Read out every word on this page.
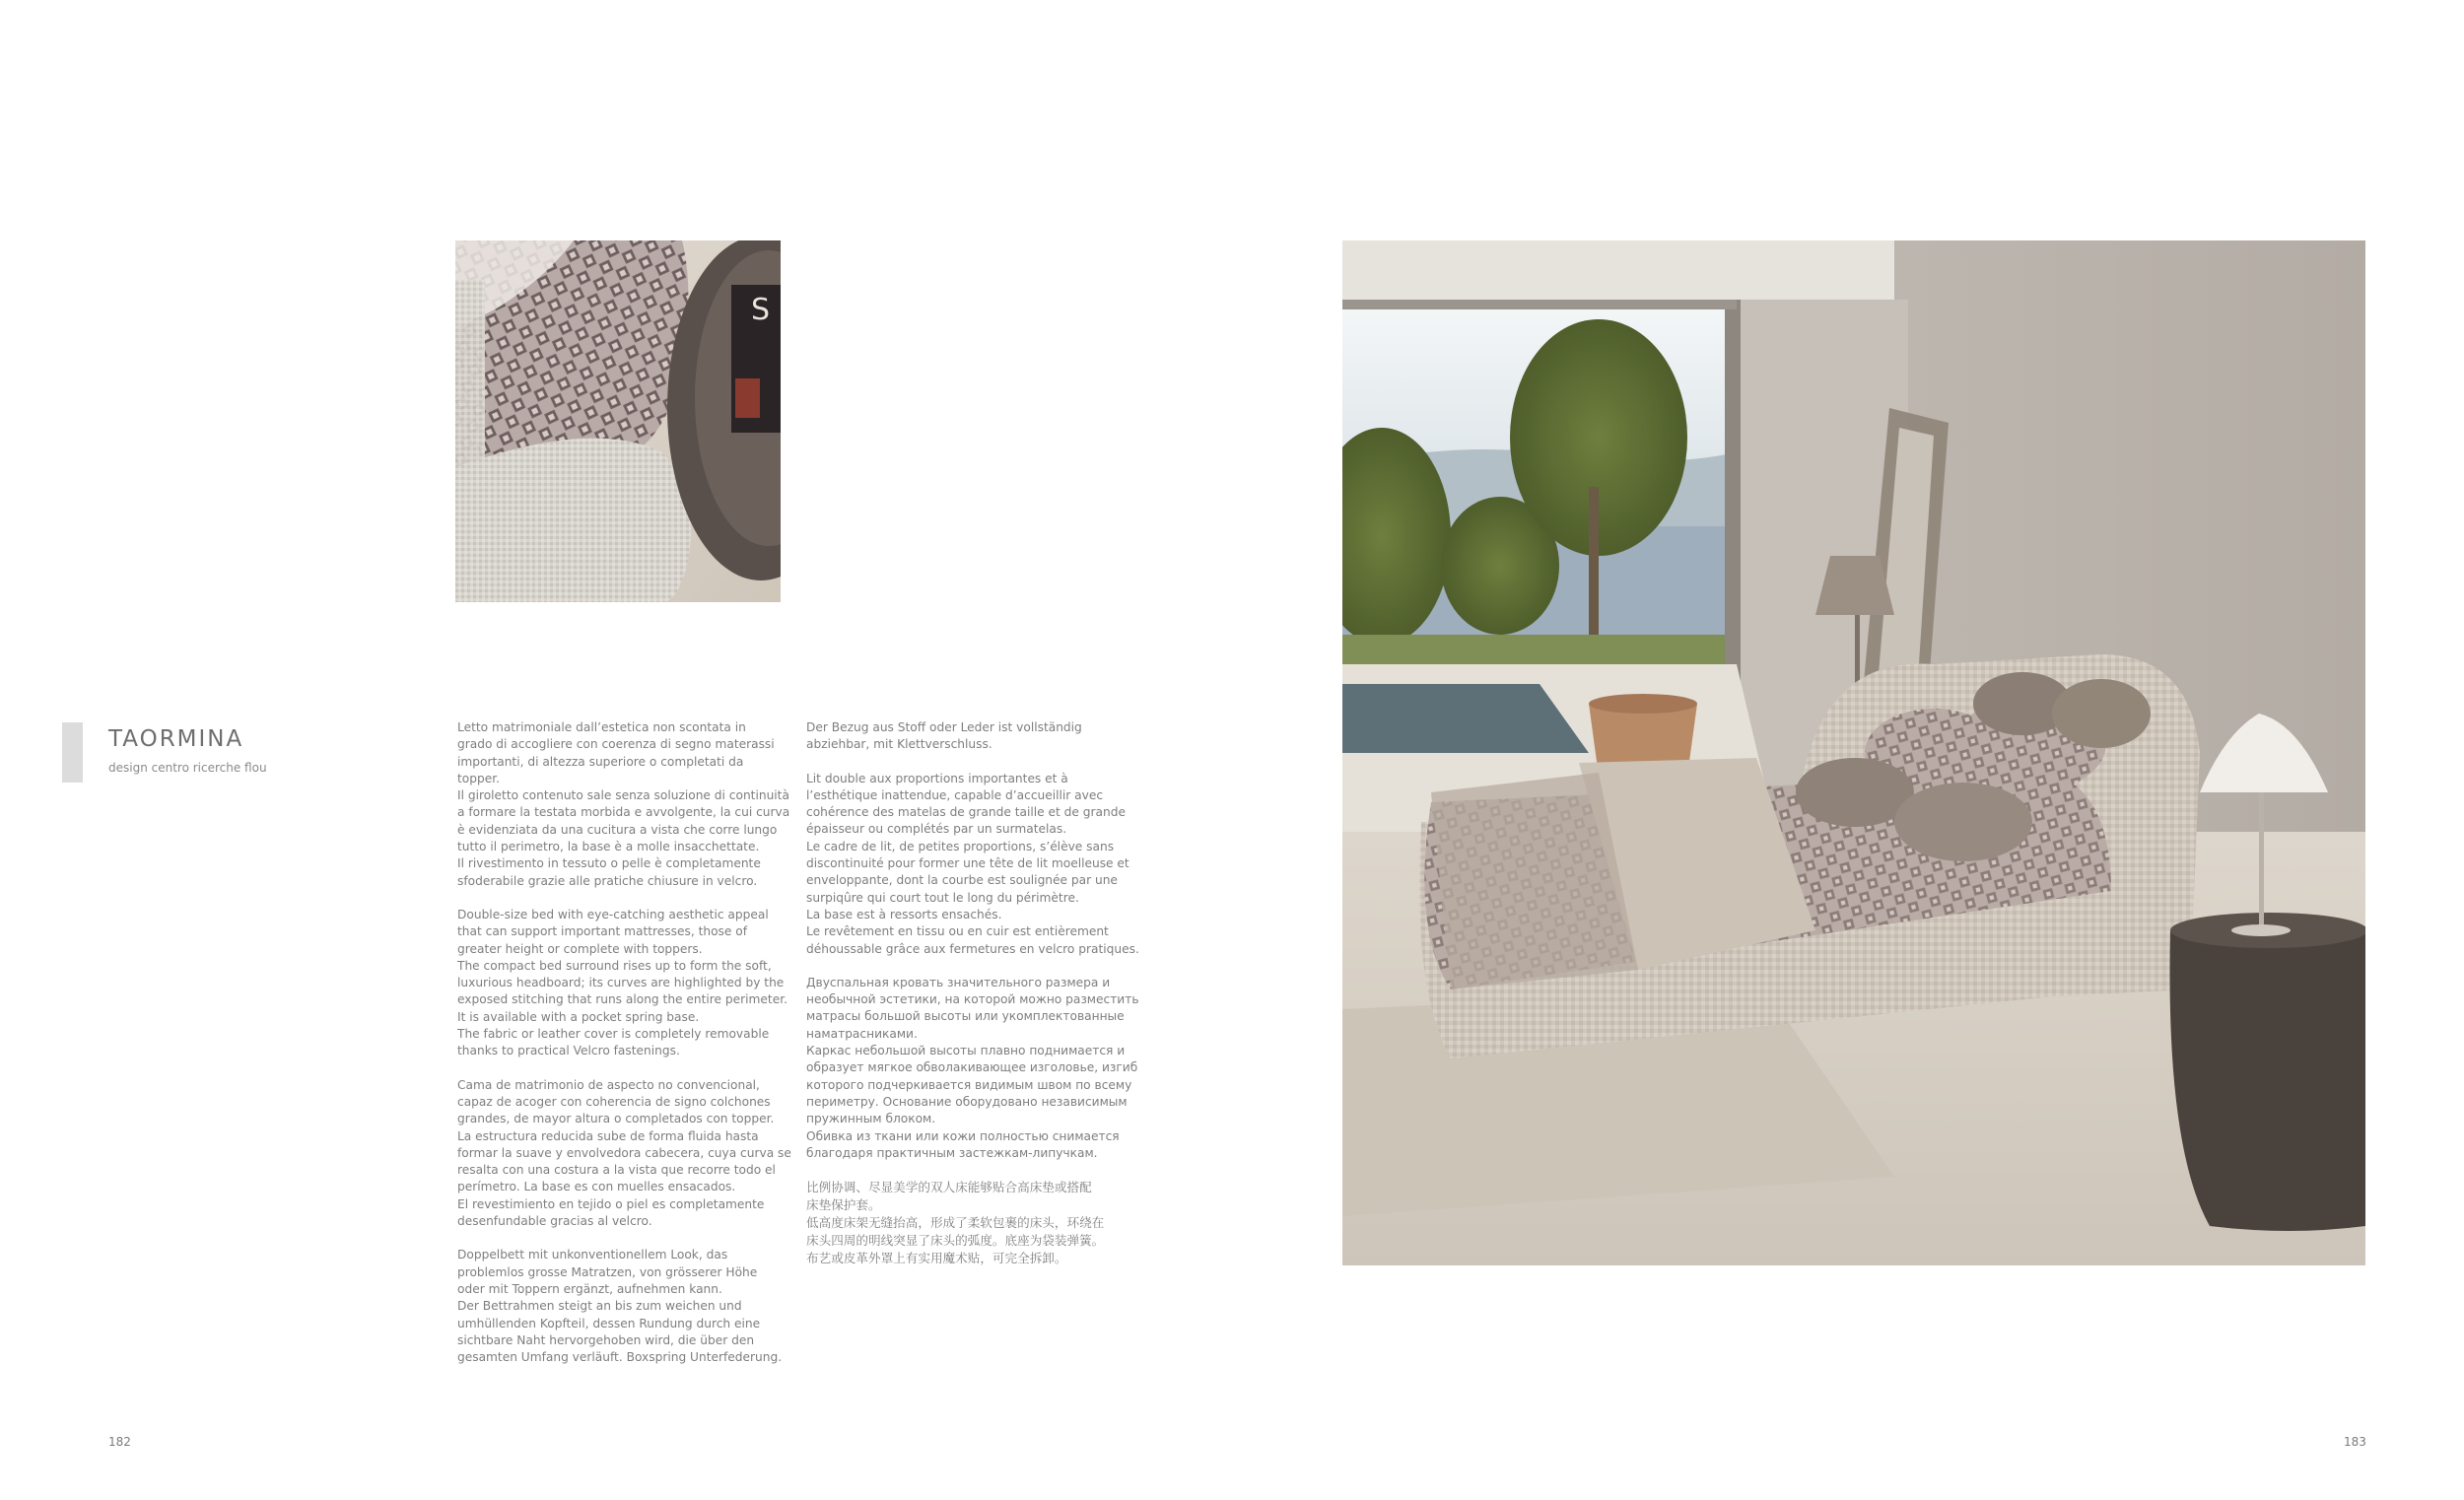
S
TAORMINA
design centro ricerche flou

Letto matrimoniale dall’estetica non scontata in
grado di accogliere con coerenza di segno materassi
importanti, di altezza superiore o completati da
topper.
Il giroletto contenuto sale senza soluzione di continuità
a formare la testata morbida e avvolgente, la cui curva
è evidenziata da una cucitura a vista che corre lungo
tutto il perimetro, la base è a molle insacchettate.
Il rivestimento in tessuto o pelle è completamente
sfoderabile grazie alle pratiche chiusure in velcro.

Double-size bed with eye-catching aesthetic appeal
that can support important mattresses, those of
greater height or complete with toppers.
The compact bed surround rises up to form the soft,
luxurious headboard; its curves are highlighted by the
exposed stitching that runs along the entire perimeter.
It is available with a pocket spring base.
The fabric or leather cover is completely removable
thanks to practical Velcro fastenings.

Cama de matrimonio de aspecto no convencional,
capaz de acoger con coherencia de signo colchones
grandes, de mayor altura o completados con topper.
La estructura reducida sube de forma fluida hasta
formar la suave y envolvedora cabecera, cuya curva se
resalta con una costura a la vista que recorre todo el
perímetro. La base es con muelles ensacados.
El revestimiento en tejido o piel es completamente
desenfundable gracias al velcro.

Doppelbett mit unkonventionellem Look, das
problemlos grosse Matratzen, von grösserer Höhe
oder mit Toppern ergänzt, aufnehmen kann.
Der Bettrahmen steigt an bis zum weichen und
umhüllenden Kopfteil, dessen Rundung durch eine
sichtbare Naht hervorgehoben wird, die über den
gesamten Umfang verläuft. Boxspring Unterfederung.

Der Bezug aus Stoff oder Leder ist vollständig
abziehbar, mit Klettverschluss.

Lit double aux proportions importantes et à
l’esthétique inattendue, capable d’accueillir avec
cohérence des matelas de grande taille et de grande
épaisseur ou complétés par un surmatelas.
Le cadre de lit, de petites proportions, s’élève sans
discontinuité pour former une tête de lit moelleuse et
enveloppante, dont la courbe est soulignée par une
surpiqûre qui court tout le long du périmètre.
La base est à ressorts ensachés.
Le revêtement en tissu ou en cuir est entièrement
déhoussable grâce aux fermetures en velcro pratiques.

Двуспальная кровать значительного размера и
необычной эстетики, на которой можно разместить
матрасы большой высоты или укомплектованные
наматрасниками.
Каркас небольшой высоты плавно поднимается и
образует мягкое обволакивающее изголовье, изгиб
которого подчеркивается видимым швом по всему
периметру. Основание оборудовано независимым
пружинным блоком.
Обивка из ткани или кожи полностью снимается
благодаря практичным застежкам-липучкам.

比例协调、尽显美学的双人床能够贴合高床垫或搭配
床垫保护套。
低高度床架无缝抬高，形成了柔软包裹的床头，环绕在
床头四周的明线突显了床头的弧度。底座为袋装弹簧。
布艺或皮革外罩上有实用魔术贴，可完全拆卸。

182	183
